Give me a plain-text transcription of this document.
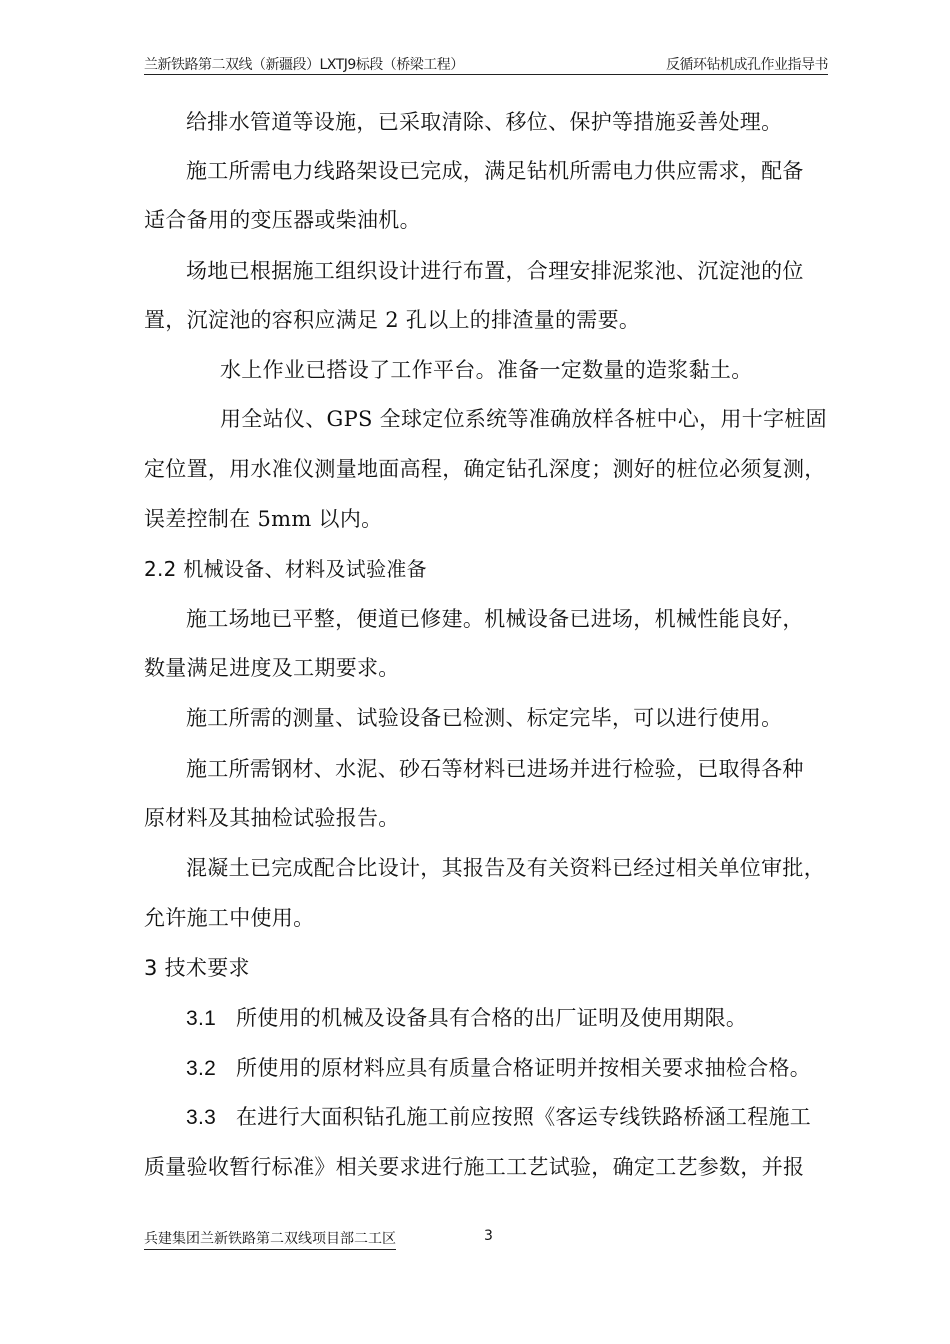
兰新铁路第二双线（新疆段）LXTJ9标段（桥梁工程）	反循环钻机成孔作业指导书
给排水管道等设施，已采取清除、移位、保护等措施妥善处理。
施工所需电力线路架设已完成，满足钻机所需电力供应需求，配备
适合备用的变压器或柴油机。
场地已根据施工组织设计进行布置，合理安排泥浆池、沉淀池的位
置，沉淀池的容积应满足 2 孔以上的排渣量的需要。
水上作业已搭设了工作平台。准备一定数量的造浆黏土。
用全站仪、GPS 全球定位系统等准确放样各桩中心，用十字桩固
定位置，用水准仪测量地面高程，确定钻孔深度；测好的桩位必须复测，
误差控制在 5mm 以内。
2.2 机械设备、材料及试验准备
施工场地已平整，便道已修建。机械设备已进场，机械性能良好，
数量满足进度及工期要求。
施工所需的测量、试验设备已检测、标定完毕，可以进行使用。
施工所需钢材、水泥、砂石等材料已进场并进行检验，已取得各种
原材料及其抽检试验报告。
混凝土已完成配合比设计，其报告及有关资料已经过相关单位审批，
允许施工中使用。
3 技术要求
3.1 所使用的机械及设备具有合格的出厂证明及使用期限。
3.2 所使用的原材料应具有质量合格证明并按相关要求抽检合格。
3.3 在进行大面积钻孔施工前应按照《客运专线铁路桥涵工程施工
质量验收暂行标准》相关要求进行施工工艺试验，确定工艺参数，并报
兵建集团兰新铁路第二双线项目部二工区	3
